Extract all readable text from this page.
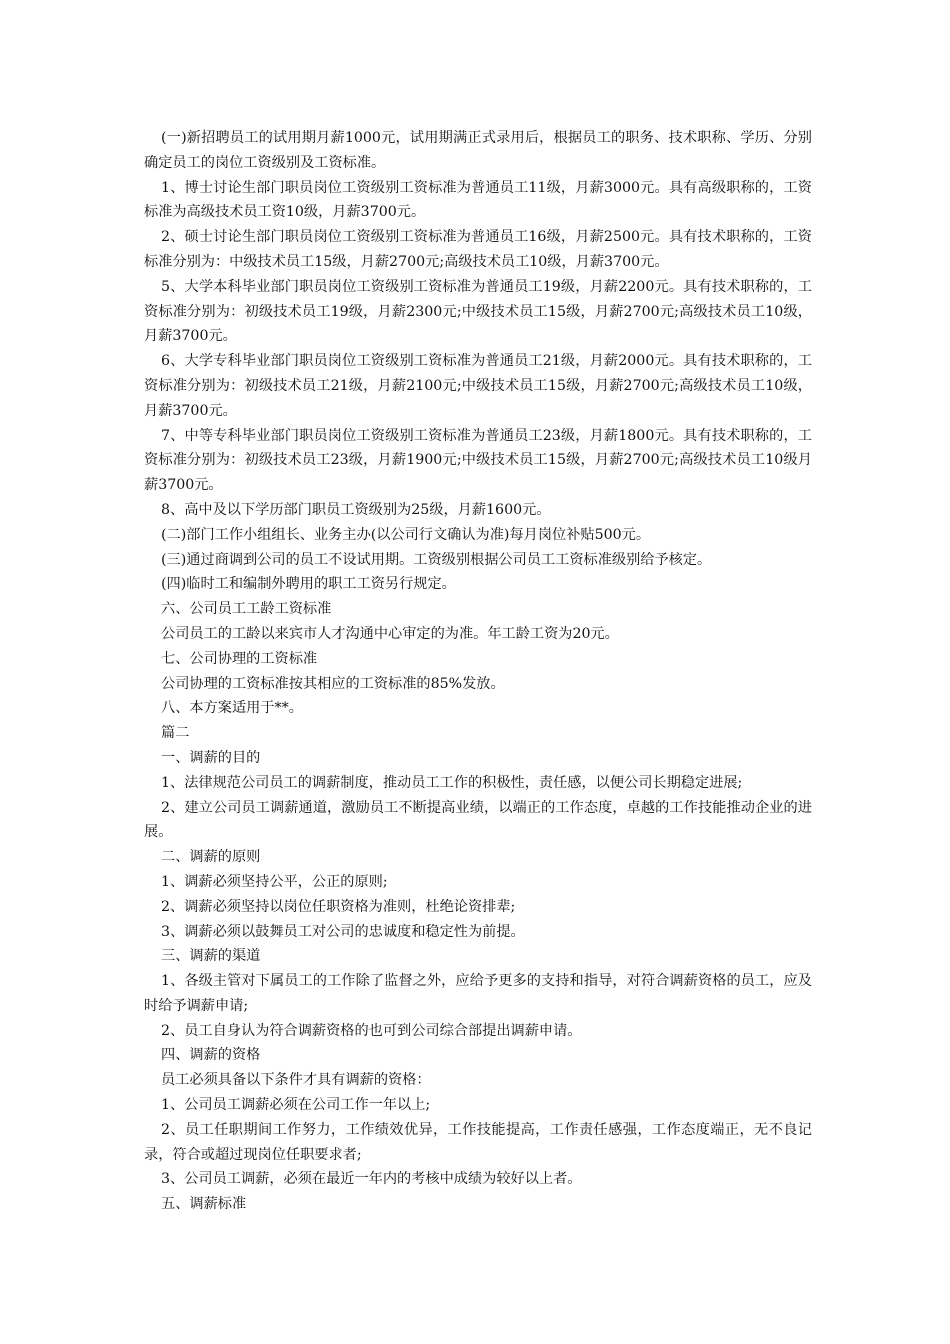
(一)新招聘员工的试用期月薪1000元，试用期满正式录用后，根据员工的职务、技术职称、学历、分别确定员工的岗位工资级别及工资标准。

1、博士讨论生部门职员岗位工资级别工资标准为普通员工11级，月薪3000元。具有高级职称的，工资标准为高级技术员工资10级，月薪3700元。

2、硕士讨论生部门职员岗位工资级别工资标准为普通员工16级，月薪2500元。具有技术职称的，工资标准分别为：中级技术员工15级，月薪2700元;高级技术员工10级，月薪3700元。

5、大学本科毕业部门职员岗位工资级别工资标准为普通员工19级，月薪2200元。具有技术职称的，工资标准分别为：初级技术员工19级，月薪2300元;中级技术员工15级，月薪2700元;高级技术员工10级，月薪3700元。

6、大学专科毕业部门职员岗位工资级别工资标准为普通员工21级，月薪2000元。具有技术职称的，工资标准分别为：初级技术员工21级，月薪2100元;中级技术员工15级，月薪2700元;高级技术员工10级，月薪3700元。

7、中等专科毕业部门职员岗位工资级别工资标准为普通员工23级，月薪1800元。具有技术职称的，工资标准分别为：初级技术员工23级，月薪1900元;中级技术员工15级，月薪2700元;高级技术员工10级月薪3700元。

8、高中及以下学历部门职员工资级别为25级，月薪1600元。

(二)部门工作小组组长、业务主办(以公司行文确认为准)每月岗位补贴500元。

(三)通过商调到公司的员工不设试用期。工资级别根据公司员工工资标准级别给予核定。

(四)临时工和编制外聘用的职工工资另行规定。

六、公司员工工龄工资标准

公司员工的工龄以来宾市人才沟通中心审定的为准。年工龄工资为20元。

七、公司协理的工资标准

公司协理的工资标准按其相应的工资标准的85%发放。

八、本方案适用于**。

篇二

一、调薪的目的

1、法律规范公司员工的调薪制度，推动员工工作的积极性，责任感，以便公司长期稳定进展;

2、建立公司员工调薪通道，激励员工不断提高业绩，以端正的工作态度，卓越的工作技能推动企业的进展。

二、调薪的原则

1、调薪必须坚持公平，公正的原则;

2、调薪必须坚持以岗位任职资格为准则，杜绝论资排辈;

3、调薪必须以鼓舞员工对公司的忠诚度和稳定性为前提。

三、调薪的渠道

1、各级主管对下属员工的工作除了监督之外，应给予更多的支持和指导，对符合调薪资格的员工，应及时给予调薪申请;

2、员工自身认为符合调薪资格的也可到公司综合部提出调薪申请。

四、调薪的资格

员工必须具备以下条件才具有调薪的资格：

1、公司员工调薪必须在公司工作一年以上;

2、员工任职期间工作努力，工作绩效优异，工作技能提高，工作责任感强，工作态度端正，无不良记录，符合或超过现岗位任职要求者;

3、公司员工调薪，必须在最近一年内的考核中成绩为较好以上者。

五、调薪标准
